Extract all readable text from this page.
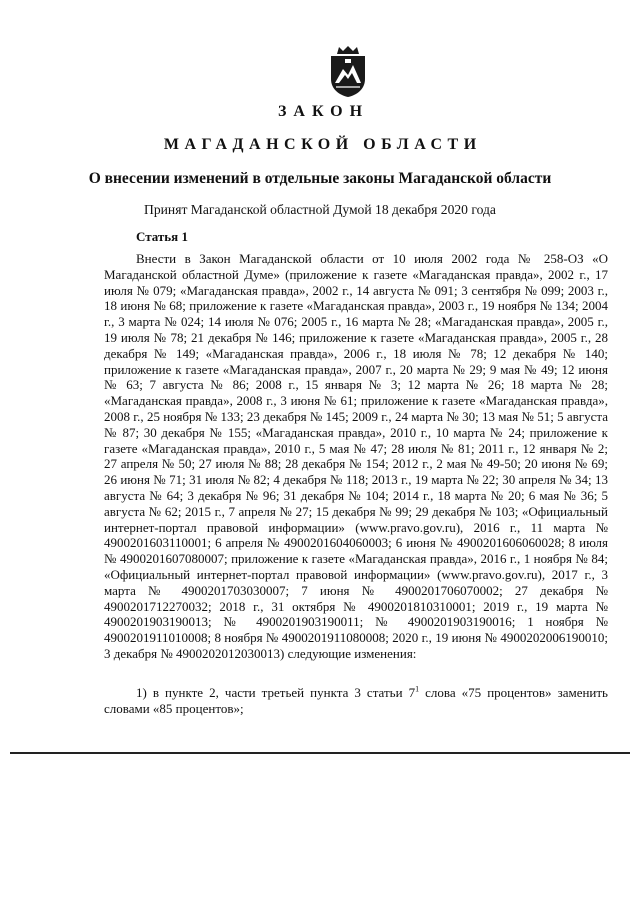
ЗАКОН
МАГАДАНСКОЙ ОБЛАСТИ
О внесении изменений в отдельные законы Магаданской области
Принят Магаданской областной Думой 18 декабря 2020 года
Статья 1

Внести в Закон Магаданской области от 10 июля 2002 года № 258-ОЗ «О Магаданской областной Думе» (приложение к газете «Магаданская правда», 2002 г., 17 июля № 079; «Магаданская правда», 2002 г., 14 августа № 091; 3 сентября № 099; 2003 г., 18 июня № 68; приложение к газете «Магаданская правда», 2003 г., 19 ноября № 134; 2004 г., 3 марта № 024; 14 июля № 076; 2005 г., 16 марта № 28; «Магаданская правда», 2005 г., 19 июля № 78; 21 декабря № 146; приложение к газете «Магаданская правда», 2005 г., 28 декабря № 149; «Магаданская правда», 2006 г., 18 июля № 78; 12 декабря № 140; приложение к газете «Магаданская правда», 2007 г., 20 марта № 29; 9 мая № 49; 12 июня № 63; 7 августа № 86; 2008 г., 15 января № 3; 12 марта № 26; 18 марта № 28; «Магаданская правда», 2008 г., 3 июня № 61; приложение к газете «Магаданская правда», 2008 г., 25 ноября № 133; 23 декабря № 145; 2009 г., 24 марта № 30; 13 мая № 51; 5 августа № 87; 30 декабря № 155; «Магаданская правда», 2010 г., 10 марта № 24; приложение к газете «Магаданская правда», 2010 г., 5 мая № 47; 28 июля № 81; 2011 г., 12 января № 2; 27 апреля № 50; 27 июля № 88; 28 декабря № 154; 2012 г., 2 мая № 49-50; 20 июня № 69; 26 июня № 71; 31 июля № 82; 4 декабря № 118; 2013 г., 19 марта № 22; 30 апреля № 34; 13 августа № 64; 3 декабря № 96; 31 декабря № 104; 2014 г., 18 марта № 20; 6 мая № 36; 5 августа № 62; 2015 г., 7 апреля № 27; 15 декабря № 99; 29 декабря № 103; «Официальный интернет-портал правовой информации» (www.pravo.gov.ru), 2016 г., 11 марта № 4900201603110001; 6 апреля № 4900201604060003; 6 июня № 4900201606060028; 8 июля № 4900201607080007; приложение к газете «Магаданская правда», 2016 г., 1 ноября № 84; «Официальный интернет-портал правовой информации» (www.pravo.gov.ru), 2017 г., 3 марта № 4900201703030007; 7 июня № 4900201706070002; 27 декабря № 4900201712270032; 2018 г., 31 октября № 4900201810310001; 2019 г., 19 марта № 4900201903190013; № 4900201903190011; № 4900201903190016; 1 ноября № 4900201911010008; 8 ноября № 4900201911080008; 2020 г., 19 июня № 4900202006190010; 3 декабря № 4900202012030013) следующие изменения:

1) в пункте 2, части третьей пункта 3 статьи $7^1$ слова «75 процентов» заменить словами «85 процентов»;
